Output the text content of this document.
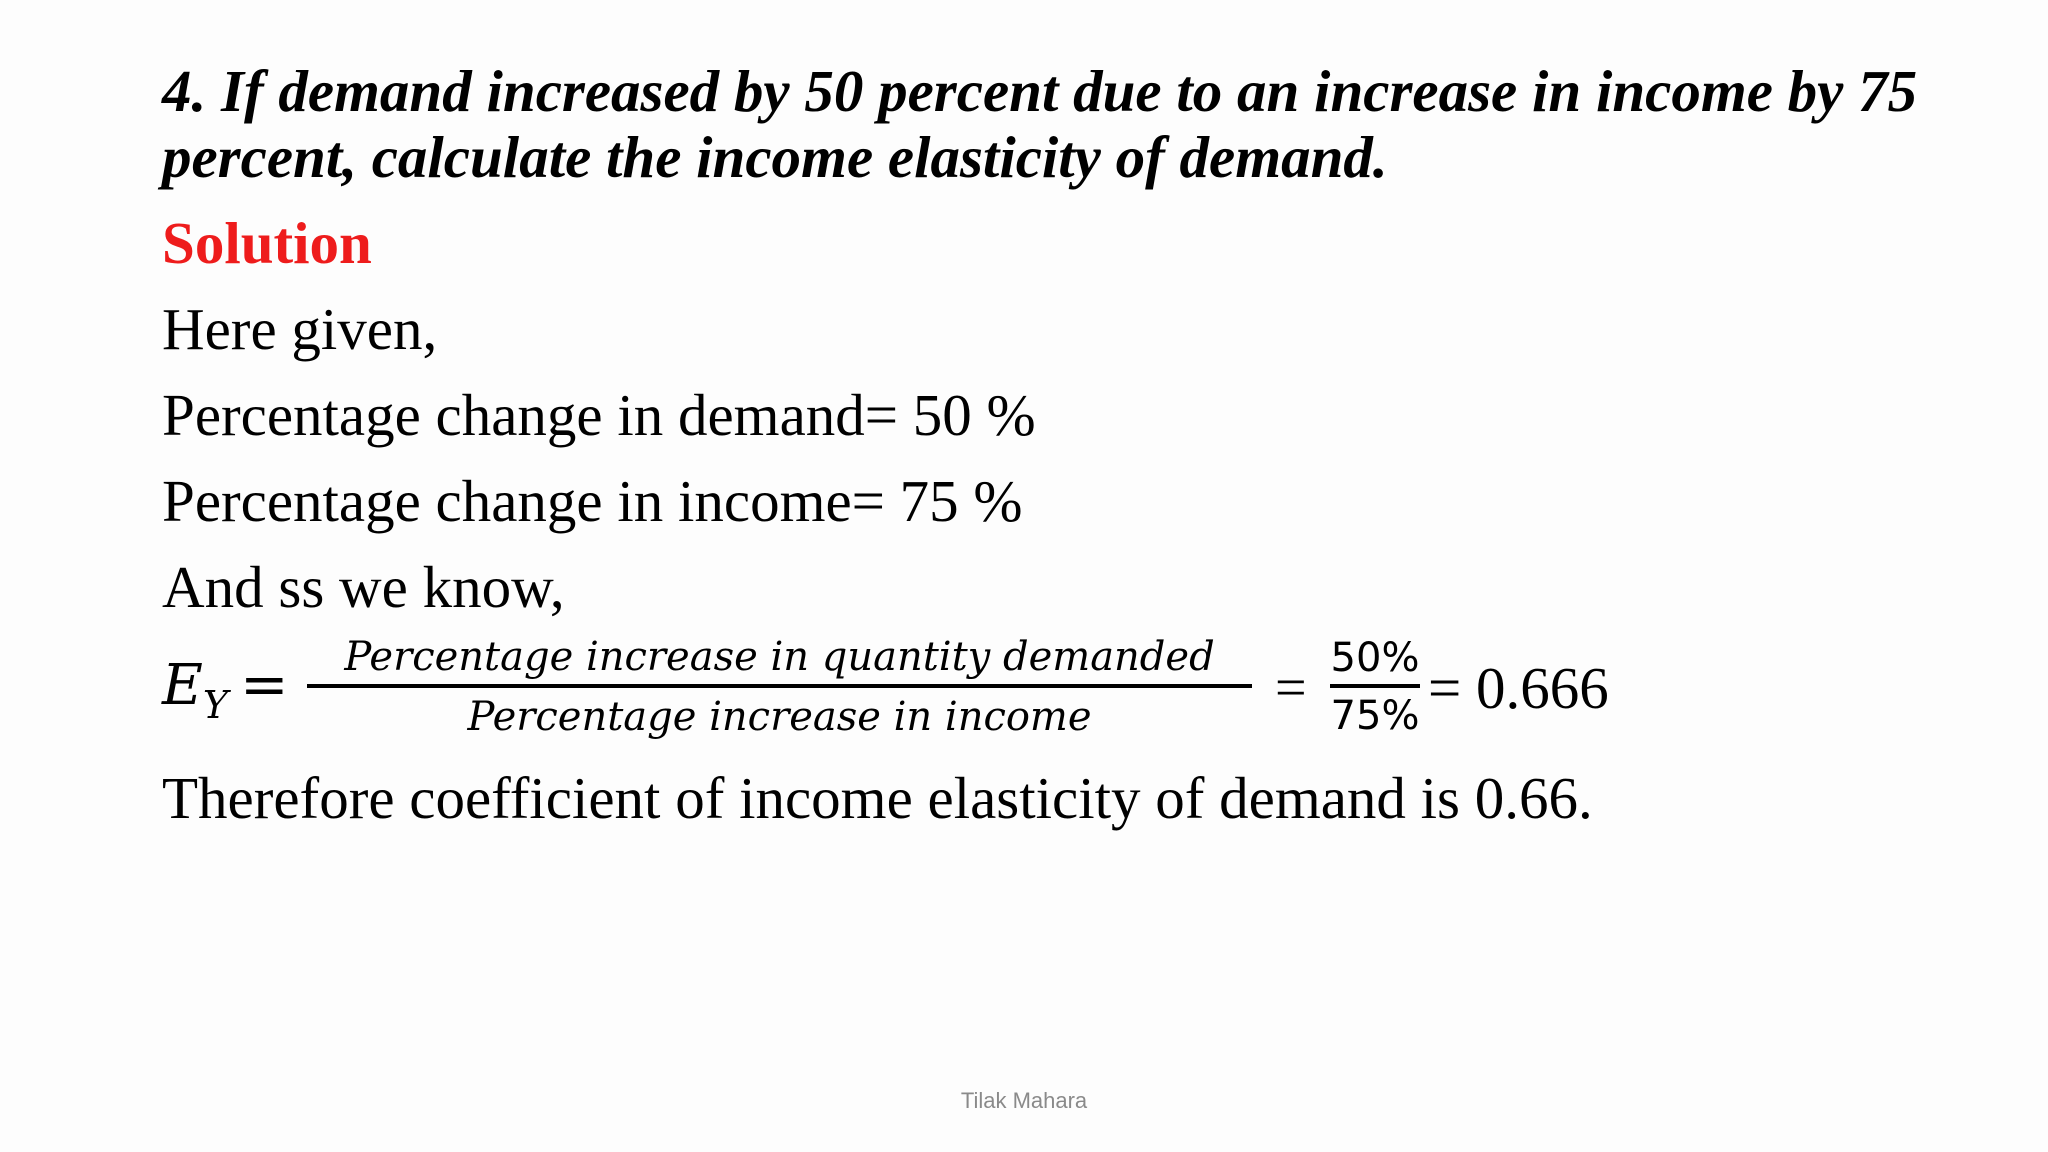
4. If demand increased by 50 percent due to an increase in income by 75 percent, calculate the income elasticity of demand.

Solution

Here given,

Percentage change in demand= 50 %

Percentage change in income= 75 %

And ss we know,

$E_Y$ = Percentage increase in quantity demanded
Percentage increase in income	= 50%
75% = 0.666

Therefore coefficient of income elasticity of demand is 0.66.

Tilak Mahara
